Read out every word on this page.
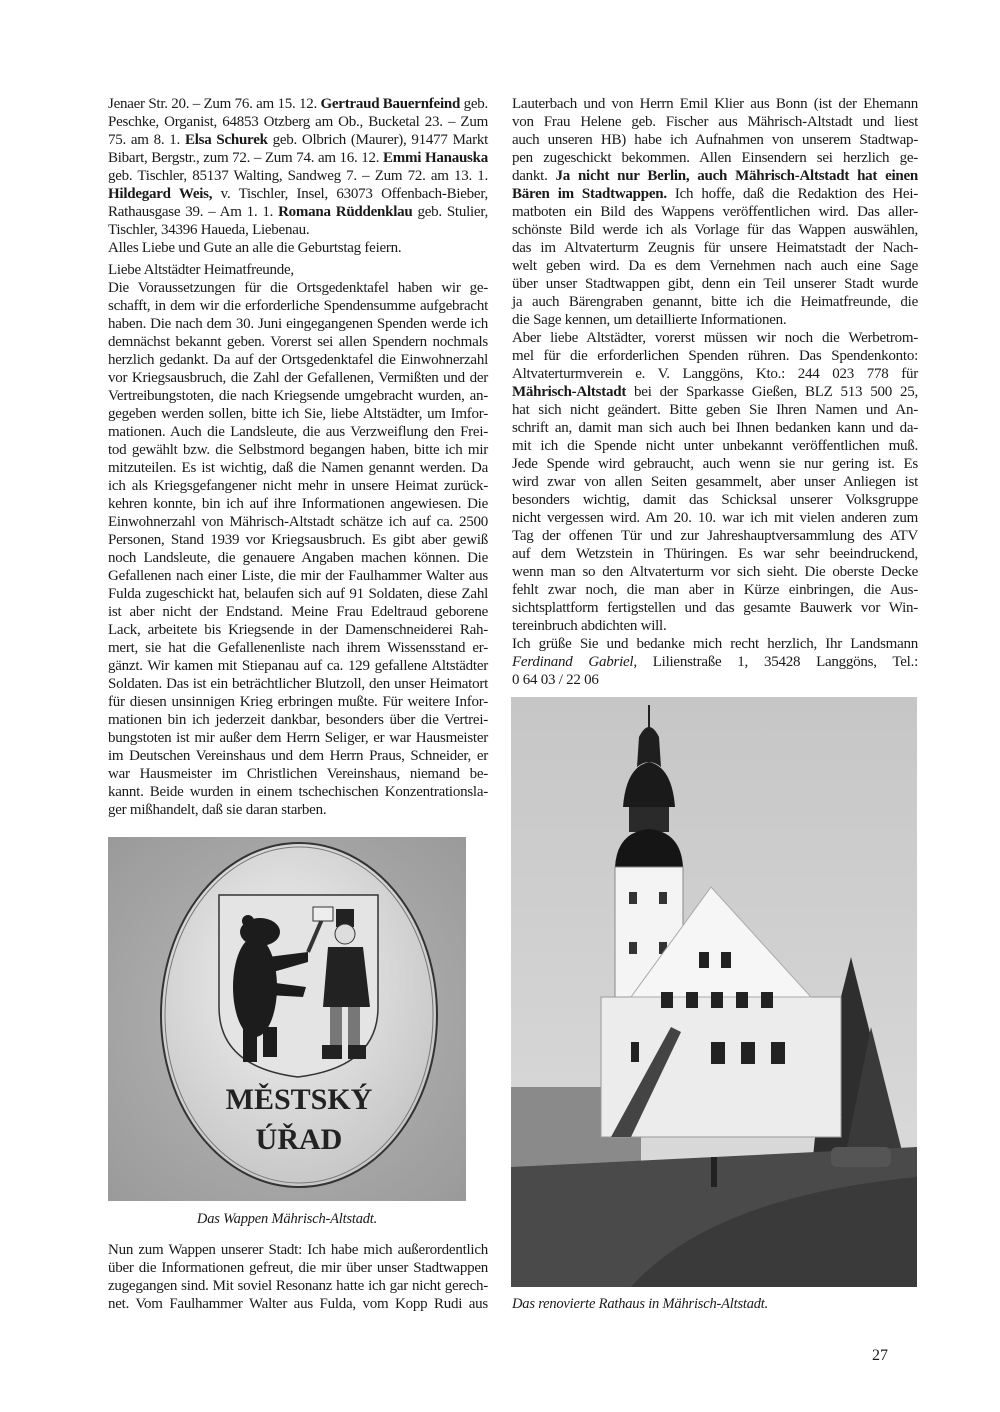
Jenaer Str. 20. – Zum 76. am 15. 12. Gertraud Bauernfeind geb.
Peschke, Organist, 64853 Otzberg am Ob., Bucketal 23. – Zum
75. am 8. 1. Elsa Schurek geb. Olbrich (Maurer), 91477 Markt
Bibart, Bergstr., zum 72. – Zum 74. am 16. 12. Emmi Hanauska
geb. Tischler, 85137 Walting, Sandweg 7. – Zum 72. am 13. 1.
Hildegard Weis, v. Tischler, Insel, 63073 Offenbach-Bieber,
Rathausgase 39. – Am 1. 1. Romana Rüddenklau geb. Stulier,
Tischler, 34396 Haueda, Liebenau.
Alles Liebe und Gute an alle die Geburtstag feiern.
Liebe Altstädter Heimatfreunde,
Die Voraussetzungen für die Ortsgedenktafel haben wir ge-
schafft, in dem wir die erforderliche Spendensumme aufgebracht
haben. Die nach dem 30. Juni eingegangenen Spenden werde ich
demnächst bekannt geben. Vorerst sei allen Spendern nochmals
herzlich gedankt. Da auf der Ortsgedenktafel die Einwohnerzahl
vor Kriegsausbruch, die Zahl der Gefallenen, Vermißten und der
Vertreibungstoten, die nach Kriegsende umgebracht wurden, an-
gegeben werden sollen, bitte ich Sie, liebe Altstädter, um Imfor-
mationen. Auch die Landsleute, die aus Verzweiflung den Frei-
tod gewählt bzw. die Selbstmord begangen haben, bitte ich mir
mitzuteilen. Es ist wichtig, daß die Namen genannt werden. Da
ich als Kriegsgefangener nicht mehr in unsere Heimat zurück-
kehren konnte, bin ich auf ihre Informationen angewiesen. Die
Einwohnerzahl von Mährisch-Altstadt schätze ich auf ca. 2500
Personen, Stand 1939 vor Kriegsausbruch. Es gibt aber gewiß
noch Landsleute, die genauere Angaben machen können. Die
Gefallenen nach einer Liste, die mir der Faulhammer Walter aus
Fulda zugeschickt hat, belaufen sich auf 91 Soldaten, diese Zahl
ist aber nicht der Endstand. Meine Frau Edeltraud geborene
Lack, arbeitete bis Kriegsende in der Damenschneiderei Rah-
mert, sie hat die Gefallenenliste nach ihrem Wissensstand er-
gänzt. Wir kamen mit Stiepanau auf ca. 129 gefallene Altstädter
Soldaten. Das ist ein beträchtlicher Blutzoll, den unser Heimatort
für diesen unsinnigen Krieg erbringen mußte. Für weitere Infor-
mationen bin ich jederzeit dankbar, besonders über die Vertrei-
bungstoten ist mir außer dem Herrn Seliger, er war Hausmeister
im Deutschen Vereinshaus und dem Herrn Praus, Schneider, er
war Hausmeister im Christlichen Vereinshaus, niemand be-
kannt. Beide wurden in einem tschechischen Konzentrationsla-
ger mißhandelt, daß sie daran starben.
MĚSTSKÝ
ÚŘAD
Das Wappen Mährisch-Altstadt.
Nun zum Wappen unserer Stadt: Ich habe mich außerordentlich
über die Informationen gefreut, die mir über unser Stadtwappen
zugegangen sind. Mit soviel Resonanz hatte ich gar nicht gerech-
net. Vom Faulhammer Walter aus Fulda, vom Kopp Rudi aus
Lauterbach und von Herrn Emil Klier aus Bonn (ist der Ehemann
von Frau Helene geb. Fischer aus Mährisch-Altstadt und liest
auch unseren HB) habe ich Aufnahmen von unserem Stadtwap-
pen zugeschickt bekommen. Allen Einsendern sei herzlich ge-
dankt. Ja nicht nur Berlin, auch Mährisch-Altstadt hat einen
Bären im Stadtwappen. Ich hoffe, daß die Redaktion des Hei-
matboten ein Bild des Wappens veröffentlichen wird. Das aller-
schönste Bild werde ich als Vorlage für das Wappen auswählen,
das im Altvaterturm Zeugnis für unsere Heimatstadt der Nach-
welt geben wird. Da es dem Vernehmen nach auch eine Sage
über unser Stadtwappen gibt, denn ein Teil unserer Stadt wurde
ja auch Bärengraben genannt, bitte ich die Heimatfreunde, die
die Sage kennen, um detaillierte Informationen.
Aber liebe Altstädter, vorerst müssen wir noch die Werbetrom-
mel für die erforderlichen Spenden rühren. Das Spendenkonto:
Altvaterturmverein e. V. Langgöns, Kto.: 244 023 778 für
Mährisch-Altstadt bei der Sparkasse Gießen, BLZ 513 500 25,
hat sich nicht geändert. Bitte geben Sie Ihren Namen und An-
schrift an, damit man sich auch bei Ihnen bedanken kann und da-
mit ich die Spende nicht unter unbekannt veröffentlichen muß.
Jede Spende wird gebraucht, auch wenn sie nur gering ist. Es
wird zwar von allen Seiten gesammelt, aber unser Anliegen ist
besonders wichtig, damit das Schicksal unserer Volksgruppe
nicht vergessen wird. Am 20. 10. war ich mit vielen anderen zum
Tag der offenen Tür und zur Jahreshauptversammlung des ATV
auf dem Wetzstein in Thüringen. Es war sehr beeindruckend,
wenn man so den Altvaterturm vor sich sieht. Die oberste Decke
fehlt zwar noch, die man aber in Kürze einbringen, die Aus-
sichtsplattform fertigstellen und das gesamte Bauwerk vor Win-
tereinbruch abdichten will.
Ich grüße Sie und bedanke mich recht herzlich, Ihr Landsmann
Ferdinand Gabriel, Lilienstraße 1, 35428 Langgöns, Tel.:
0 64 03 / 22 06
Das renovierte Rathaus in Mährisch-Altstadt.
27
